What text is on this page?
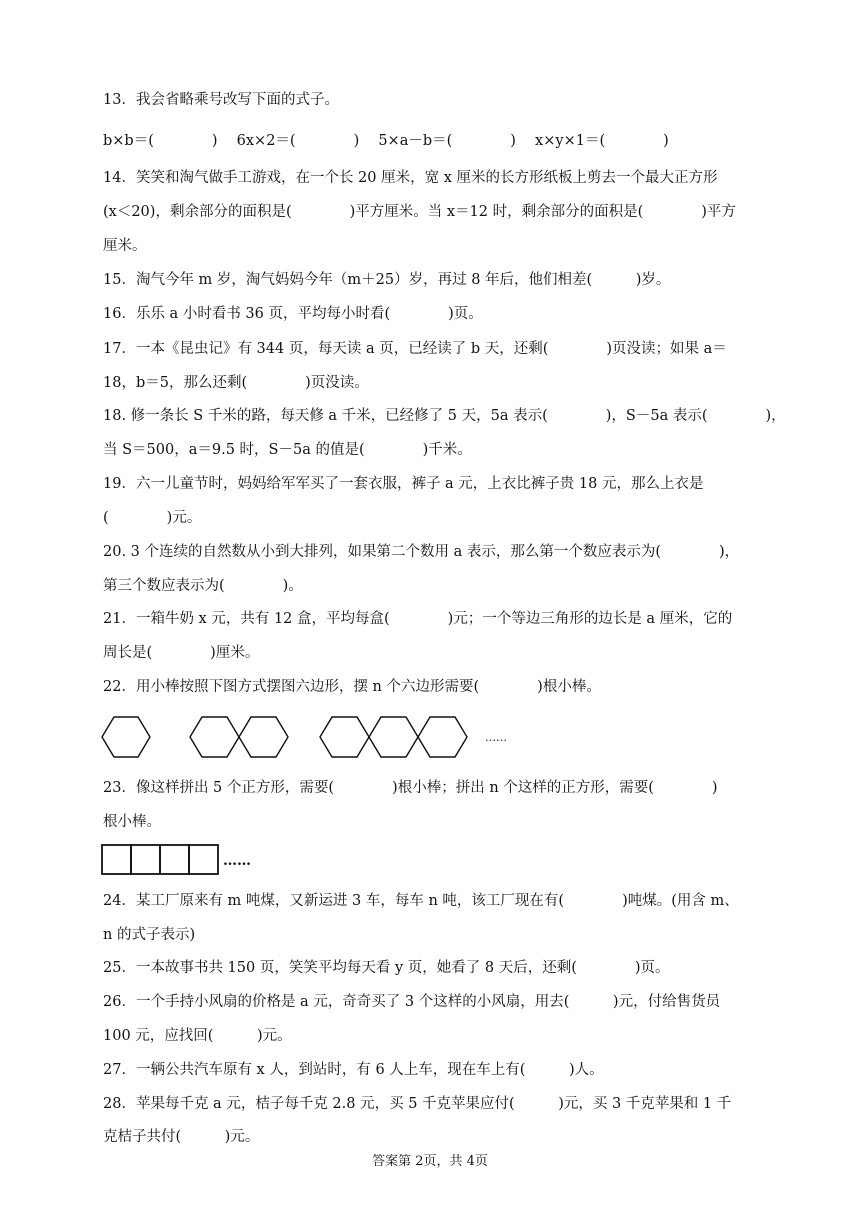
13．我会省略乘号改写下面的式子。
b×b＝(　　　　)　 6x×2＝(　　　　)　 5×a－b＝(　　　　)　 x×y×1＝(　　　　)
14．笑笑和淘气做手工游戏，在一个长 20 厘米，宽 x 厘米的长方形纸板上剪去一个最大正方形
(x＜20)，剩余部分的面积是(　　　　)平方厘米。当 x＝12 时，剩余部分的面积是(　　　　)平方
厘米。
15．淘气今年 m 岁，淘气妈妈今年（m＋25）岁，再过 8 年后，他们相差(　　　)岁。
16．乐乐 a 小时看书 36 页，平均每小时看(　　　　)页。
17．一本《昆虫记》有 344 页，每天读 a 页，已经读了 b 天，还剩(　　　　)页没读；如果 a＝
18，b＝5，那么还剩(　　　　)页没读。
18. 修一条长 S 千米的路，每天修 a 千米，已经修了 5 天，5a 表示(　　　　)，S－5a 表示(　　　　)，
当 S＝500，a＝9.5 时，S－5a 的值是(　　　　)千米。
19．六一儿童节时，妈妈给军军买了一套衣服，裤子 a 元，上衣比裤子贵 18 元，那么上衣是
(　　　　)元。
20. 3 个连续的自然数从小到大排列，如果第二个数用 a 表示，那么第一个数应表示为(　　　　)，
第三个数应表示为(　　　　)。
21．一箱牛奶 x 元，共有 12 盒，平均每盒(　　　　)元；一个等边三角形的边长是 a 厘米，它的
周长是(　　　　)厘米。
22．用小棒按照下图方式摆图六边形，摆 n 个六边形需要(　　　　)根小棒。
……
23．像这样拼出 5 个正方形，需要(　　　　)根小棒；拼出 n 个这样的正方形，需要(　　　　)
根小棒。
……
24．某工厂原来有 m 吨煤，又新运进 3 车，每车 n 吨，该工厂现在有(　　　　)吨煤。(用含 m、
n 的式子表示)
25．一本故事书共 150 页，笑笑平均每天看 y 页，她看了 8 天后，还剩(　　　　)页。
26．一个手持小风扇的价格是 a 元，奇奇买了 3 个这样的小风扇，用去(　　　)元，付给售货员
100 元，应找回(　　　)元。
27．一辆公共汽车原有 x 人，到站时，有 6 人上车，现在车上有(　　　)人。
28．苹果每千克 a 元，桔子每千克 2.8 元，买 5 千克苹果应付(　　　)元，买 3 千克苹果和 1 千
克桔子共付(　　　)元。
答案第 2页，共 4页
